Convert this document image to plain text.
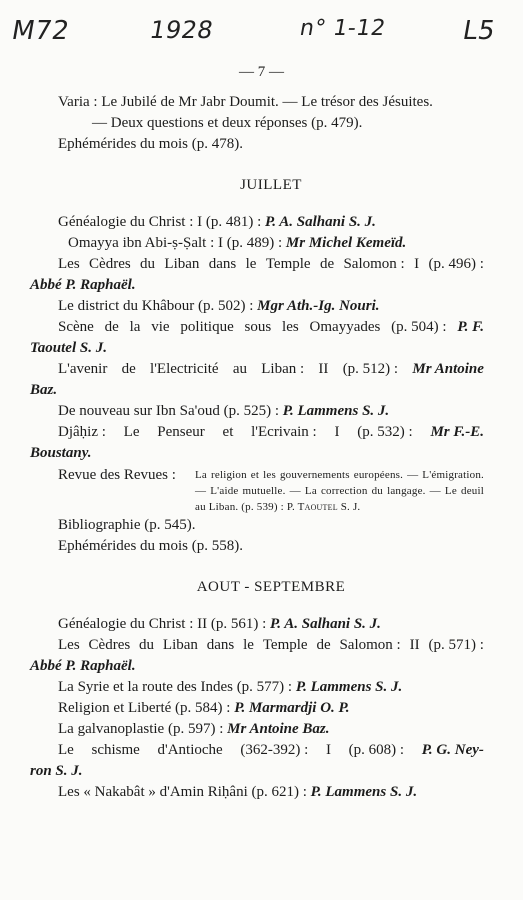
M72	1928	n° 1-12	L5
— 7 —
Varia : Le Jubilé de Mr Jabr Doumit. — Le trésor des Jésuites.
— Deux questions et deux réponses (p. 479).
Ephémérides du mois (p. 478).
JUILLET
Généalogie du Christ : I (p. 481) : P. A. Salhani S. J.
Omayya ibn Abi-ṣ-Ṣalt : I (p. 489) : Mr Michel Kemeïd.
Les Cèdres du Liban dans le Temple de Salomon : I (p. 496) :
Abbé P. Raphaël.
Le district du Khâbour (p. 502) : Mgr Ath.-Ig. Nouri.
Scène de la vie politique sous les Omayyades (p. 504) : P. F.
Taoutel S. J.
L'avenir de l'Electricité au Liban : II (p. 512) : Mr Antoine
Baz.
De nouveau sur Ibn Sa'oud (p. 525) : P. Lammens S. J.
Djâḥiz : Le Penseur et l'Ecrivain : I (p. 532) : Mr F.-E.
Boustany.
Revue des Revues :	La religion et les gouvernements européens. — L'émigration. — L'aide mutuelle. — La correction du langage. — Le deuil au Liban. (p. 539) : P. Taoutel S. J.
Bibliographie (p. 545).
Ephémérides du mois (p. 558).
AOUT - SEPTEMBRE
Généalogie du Christ : II (p. 561) : P. A. Salhani S. J.
Les Cèdres du Liban dans le Temple de Salomon : II (p. 571) :
Abbé P. Raphaël.
La Syrie et la route des Indes (p. 577) : P. Lammens S. J.
Religion et Liberté (p. 584) : P. Marmardji O. P.
La galvanoplastie (p. 597) : Mr Antoine Baz.
Le schisme d'Antioche (362-392) : I (p. 608) : P. G. Ney-
ron S. J.
Les « Nakabât » d'Amin Riḥâni (p. 621) : P. Lammens S. J.
